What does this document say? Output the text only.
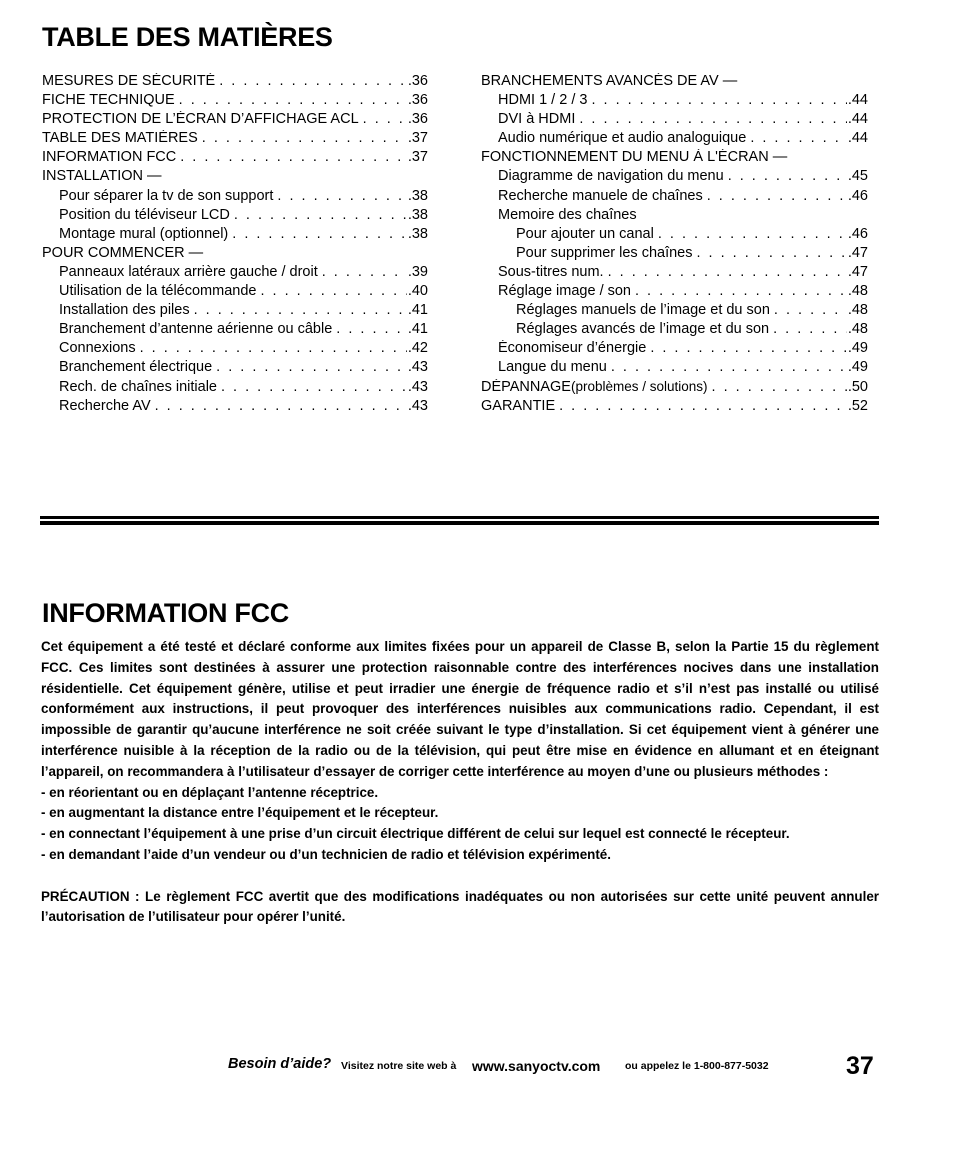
TABLE DES MATIÈRES
MESURES DE SÉCURITÉ . . .	.36
FICHE TECHNIQUE . . .	.36
PROTECTION DE L’ÉCRAN D’AFFICHAGE ACL . . .	.36
TABLE DES MATIÈRES . . .	.37
INFORMATION FCC . . .	.37
INSTALLATION —
Pour séparer la tv de son support . . .	.38
Position du téléviseur LCD . . .	.38
Montage mural (optionnel) . . .	.38
POUR COMMENCER —
Panneaux latéraux arrière gauche / droit . . .	.39
Utilisation de la télécommande . . .	.40
Installation des piles . . .	.41
Branchement d’antenne aérienne ou câble . . .	.41
Connexions . . .	.42
Branchement électrique . . .	.43
Rech. de chaînes initiale . . .	.43
Recherche AV . . .	.43
BRANCHEMENTS AVANCÉS DE AV —
HDMI 1 / 2 / 3 . . .	.44
DVI à HDMI . . .	.44
Audio numérique et audio analoguique . . .	.44
FONCTIONNEMENT DU MENU À L'ÉCRAN —
Diagramme de navigation du menu . . .	.45
Recherche manuele de chaînes . . .	.46
Memoire des chaînes
Pour ajouter un canal . . .	.46
Pour supprimer les chaînes . . .	.47
Sous-titres num. . . .	.47
Réglage image / son . . .	.48
Réglages manuels de l’image et du son . . .	.48
Réglages avancés de l’image et du son . . .	.48
Économiseur d’énergie . . .	.49
Langue du menu . . .	.49
DÉPANNAGE (problèmes / solutions) . . .	.50
GARANTIE . . .	.52
INFORMATION FCC

Cet équipement a été testé et déclaré conforme aux limites fixées pour un appareil de Classe B, selon la Partie 15 du règlement FCC. Ces limites sont destinées à assurer une protection raisonnable contre des interférences nocives dans une installation résidentielle. Cet équipement génère, utilise et peut irradier une énergie de fréquence radio et s’il n’est pas installé ou utilisé conformément aux instructions, il peut provoquer des interférences nuisibles aux communications radio. Cependant, il est impossible de garantir qu’aucune interférence ne soit créée suivant le type d’installation. Si cet équipement vient à générer une interférence nuisible à la réception de la radio ou de la télévision, qui peut être mise en évidence en allumant et en éteignant l’appareil, on recommandera à l’utilisateur d’essayer de corriger cette interférence au moyen d’une ou plusieurs méthodes :

- en réorientant ou en déplaçant l’antenne réceptrice.

- en augmentant la distance entre l’équipement et le récepteur.

- en connectant l’équipement à une prise d’un circuit électrique différent de celui sur lequel est connecté le récepteur.

- en demandant l’aide d’un vendeur ou d’un technicien de radio et télévision expérimenté.

PRÉCAUTION : Le règlement FCC avertit que des modifications inadéquates ou non autorisées sur cette unité peuvent annuler l’autorisation de l’utilisateur pour opérer l’unité.

Besoin d’aide? Visitez notre site web à www.sanyoctv.com ou appelez le 1-800-877-5032	37
